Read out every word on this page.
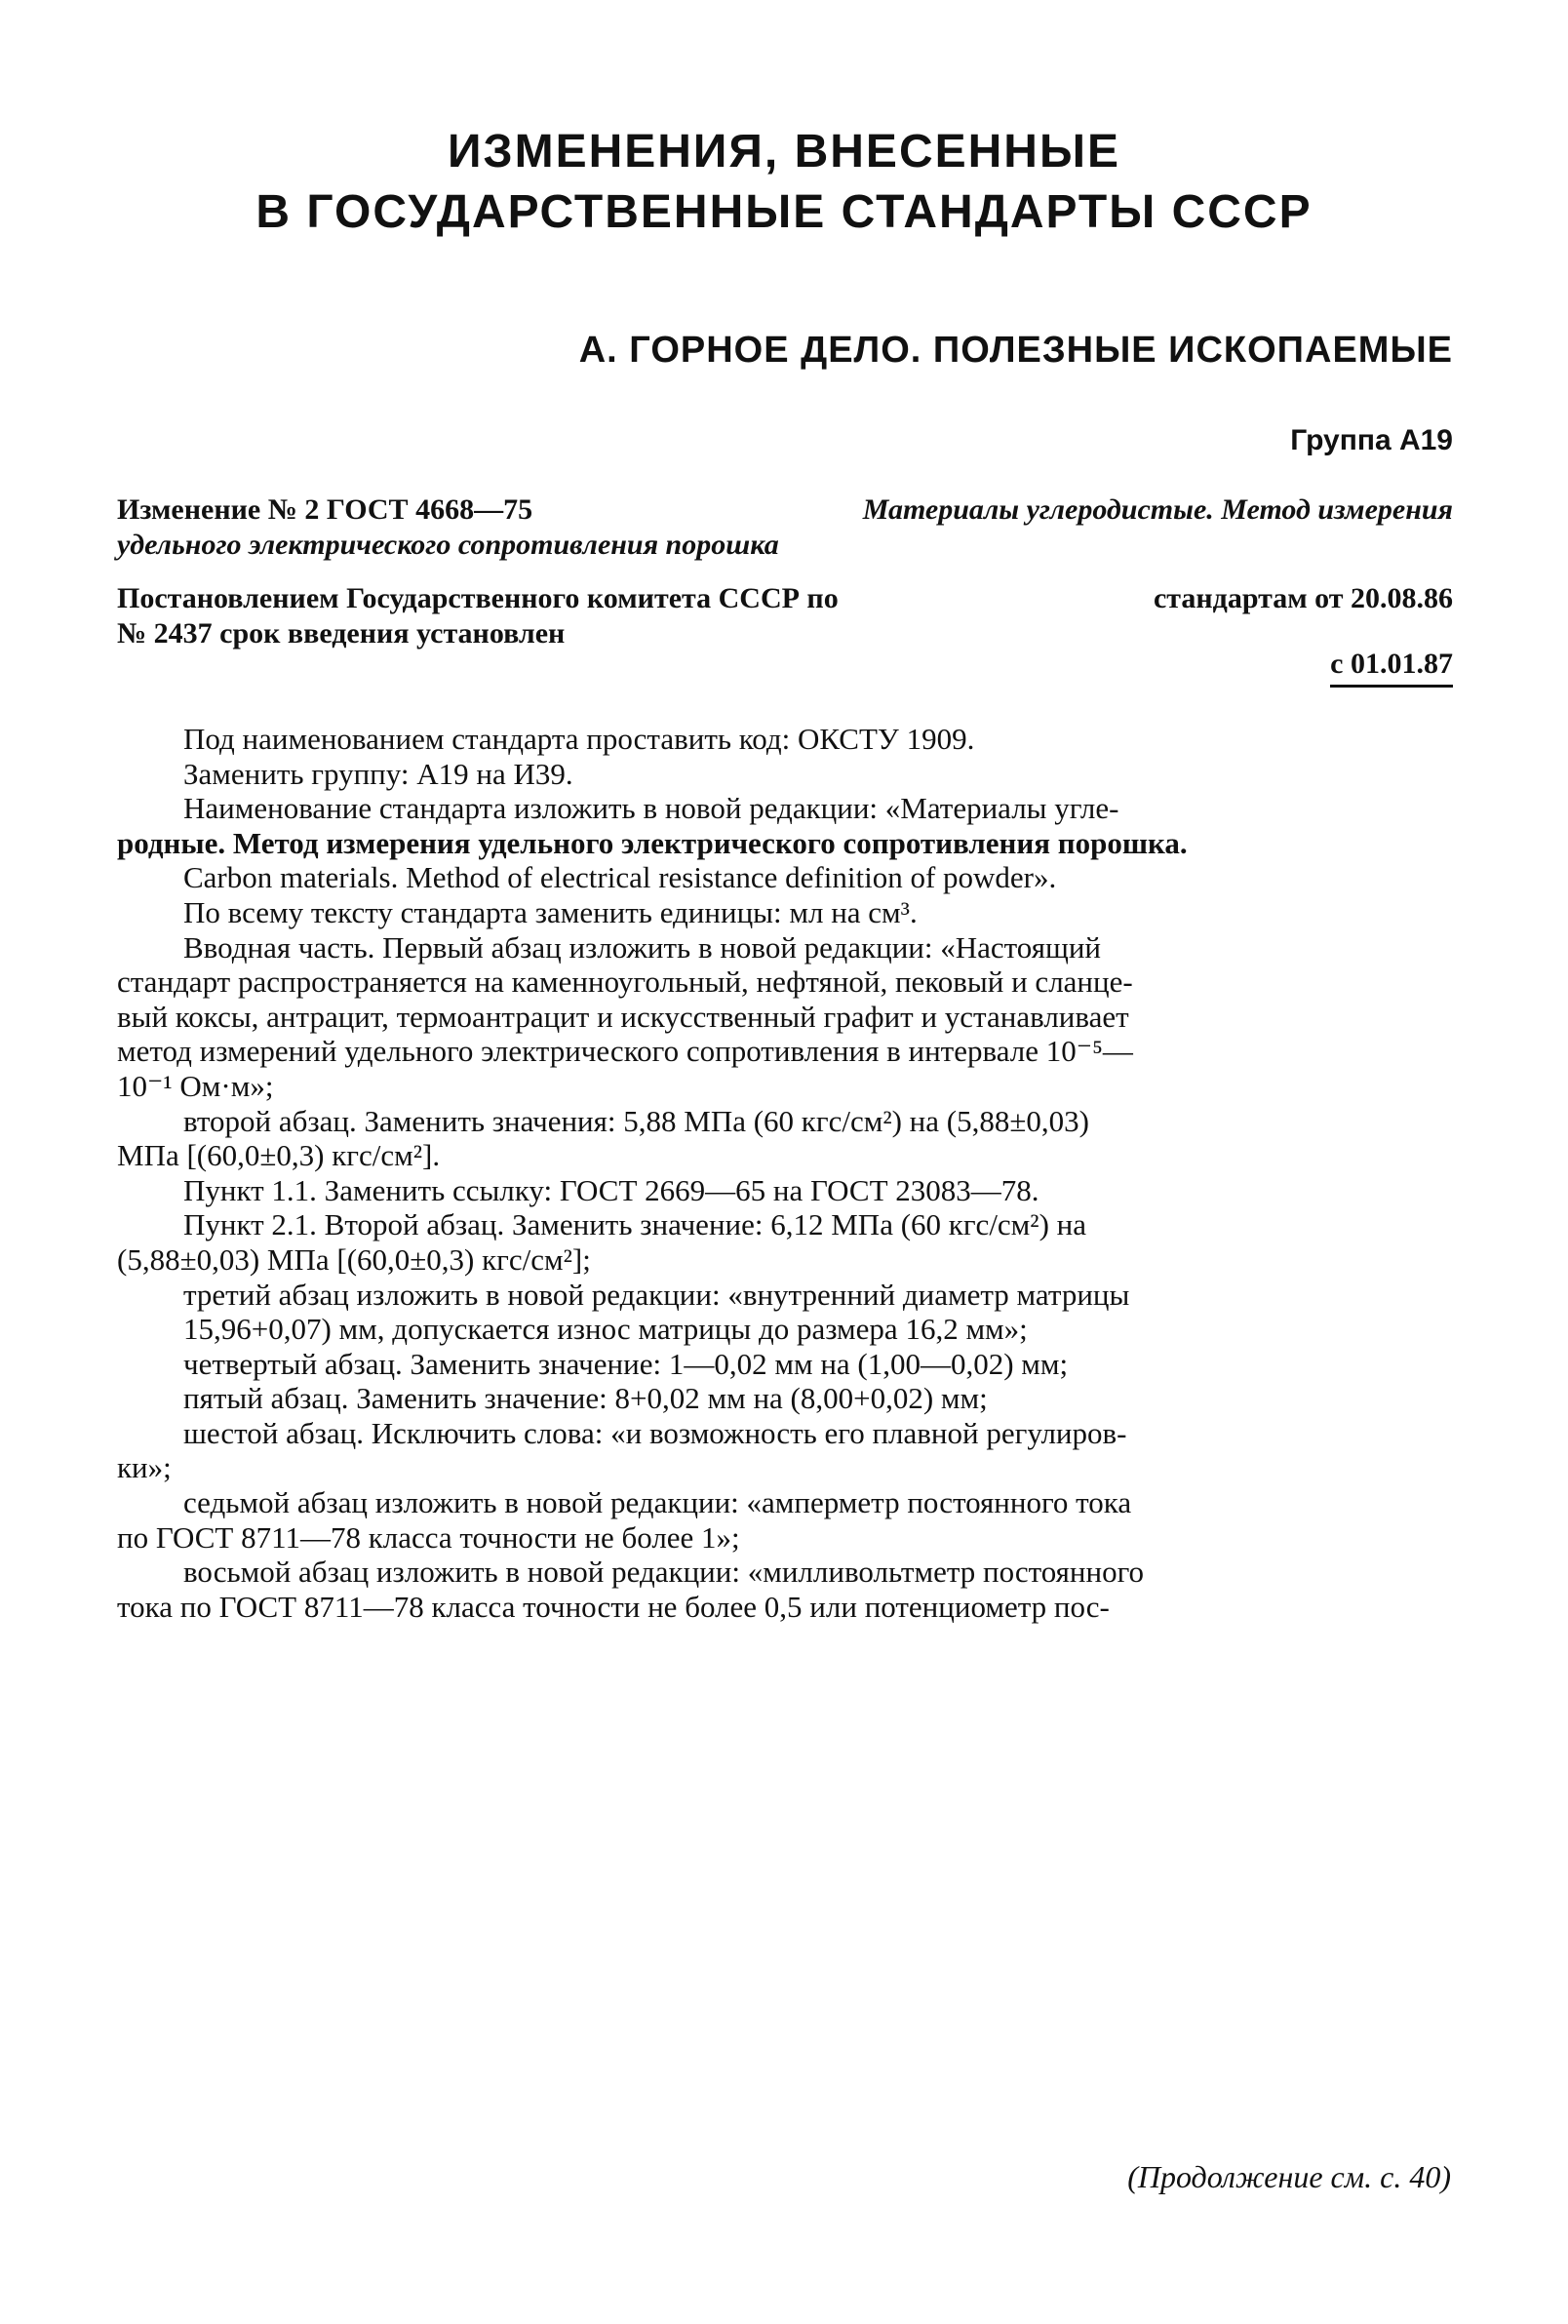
ИЗМЕНЕНИЯ, ВНЕСЕННЫЕ
В ГОСУДАРСТВЕННЫЕ СТАНДАРТЫ СССР
А. ГОРНОЕ ДЕЛО. ПОЛЕЗНЫЕ ИСКОПАЕМЫЕ
Группа А19
Изменение № 2 ГОСТ 4668—75	Материалы углеродистые. Метод измерения
удельного электрического сопротивления порошка
Постановлением Государственного комитета СССР по	стандартам от 20.08.86
№ 2437 срок введения установлен
с 01.01.87
Под наименованием стандарта проставить код: ОКСТУ 1909.
Заменить группу: А19 на И39.
Наименование стандарта изложить в новой редакции: «Материалы угле-
родные. Метод измерения удельного электрического сопротивления порошка.
Carbon materials. Method of electrical resistance definition of powder».
По всему тексту стандарта заменить единицы: мл на см³.
Вводная часть. Первый абзац изложить в новой редакции: «Настоящий
стандарт распространяется на каменноугольный, нефтяной, пековый и сланце-
вый коксы, антрацит, термоантрацит и искусственный графит и устанавливает
метод измерений удельного электрического сопротивления в интервале 10⁻⁵—
10⁻¹ Ом·м»;
второй абзац. Заменить значения: 5,88 МПа (60 кгс/см²) на (5,88±0,03)
МПа [(60,0±0,3) кгс/см²].
Пункт 1.1. Заменить ссылку: ГОСТ 2669—65 на ГОСТ 23083—78.
Пункт 2.1. Второй абзац. Заменить значение: 6,12 МПа (60 кгс/см²) на
(5,88±0,03) МПа [(60,0±0,3) кгс/см²];
третий абзац изложить в новой редакции: «внутренний диаметр матрицы
15,96+0,07) мм, допускается износ матрицы до размера 16,2 мм»;
четвертый абзац. Заменить значение: 1—0,02 мм на (1,00—0,02) мм;
пятый абзац. Заменить значение: 8+0,02 мм на (8,00+0,02) мм;
шестой абзац. Исключить слова: «и возможность его плавной регулиров-
ки»;
седьмой абзац изложить в новой редакции: «амперметр постоянного тока
по ГОСТ 8711—78 класса точности не более 1»;
восьмой абзац изложить в новой редакции: «милливольтметр постоянного
тока по ГОСТ 8711—78 класса точности не более 0,5 или потенциометр пос-
(Продолжение см. с. 40)
